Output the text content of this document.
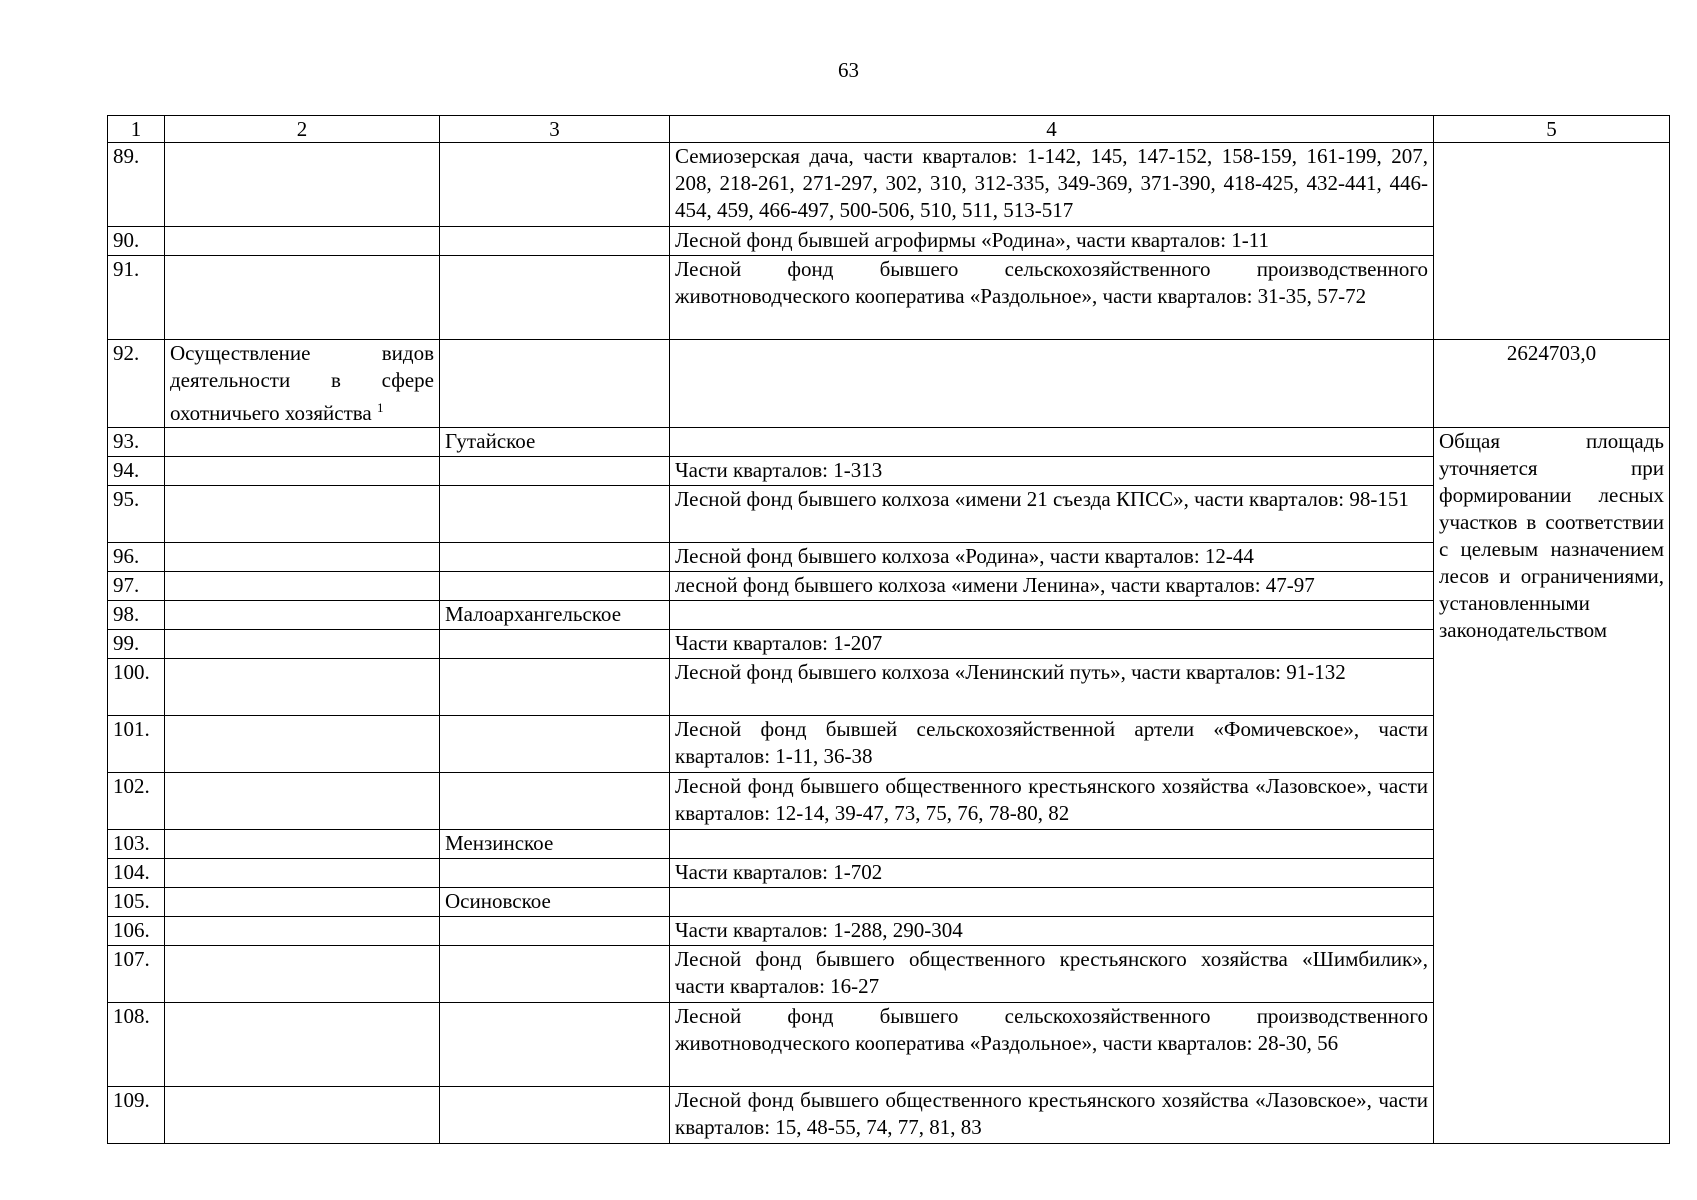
63
1	2	3	4	5
89.			Семиозерская дача, части кварталов: 1-142, 145, 147-152, 158-159, 161-199, 207, 208, 218-261, 271-297, 302, 310, 312-335, 349-369, 371-390, 418-425, 432-441, 446-454, 459, 466-497, 500-506, 510, 511, 513-517	
90.			Лесной фонд бывшей агрофирмы «Родина», части кварталов: 1-11	
91.			Лесной фонд бывшего сельскохозяйственного производственного животноводческого кооператива «Раздольное», части кварталов: 31-35, 57-72	
92.	Осуществление видов деятельности в сфере охотничьего хозяйства $^1$			2624703,0
93.		Гутайское		Общая площадь уточняется при формировании лесных участков в соответствии с целевым назначением лесов и ограничениями, установленными законодательством
94.			Части кварталов: 1-313	
95.			Лесной фонд бывшего колхоза «имени 21 съезда КПСС», части кварталов: 98-151	
96.			Лесной фонд бывшего колхоза «Родина», части кварталов: 12-44	
97.			лесной фонд бывшего колхоза «имени Ленина», части кварталов: 47-97	
98.		Малоархангельское		
99.			Части кварталов: 1-207	
100.			Лесной фонд бывшего колхоза «Ленинский путь», части кварталов: 91-132	
101.			Лесной фонд бывшей сельскохозяйственной артели «Фомичевское», части кварталов: 1-11, 36-38	
102.			Лесной фонд бывшего общественного крестьянского хозяйства «Лазовское», части кварталов: 12-14, 39-47, 73, 75, 76, 78-80, 82	
103.		Мензинское		
104.			Части кварталов: 1-702	
105.		Осиновское		
106.			Части кварталов: 1-288, 290-304	
107.			Лесной фонд бывшего общественного крестьянского хозяйства «Шимбилик», части кварталов: 16-27	
108.			Лесной фонд бывшего сельскохозяйственного производственного животноводческого кооператива «Раздольное», части кварталов: 28-30, 56	
109.			Лесной фонд бывшего общественного крестьянского хозяйства «Лазовское», части кварталов: 15, 48-55, 74, 77, 81, 83	
